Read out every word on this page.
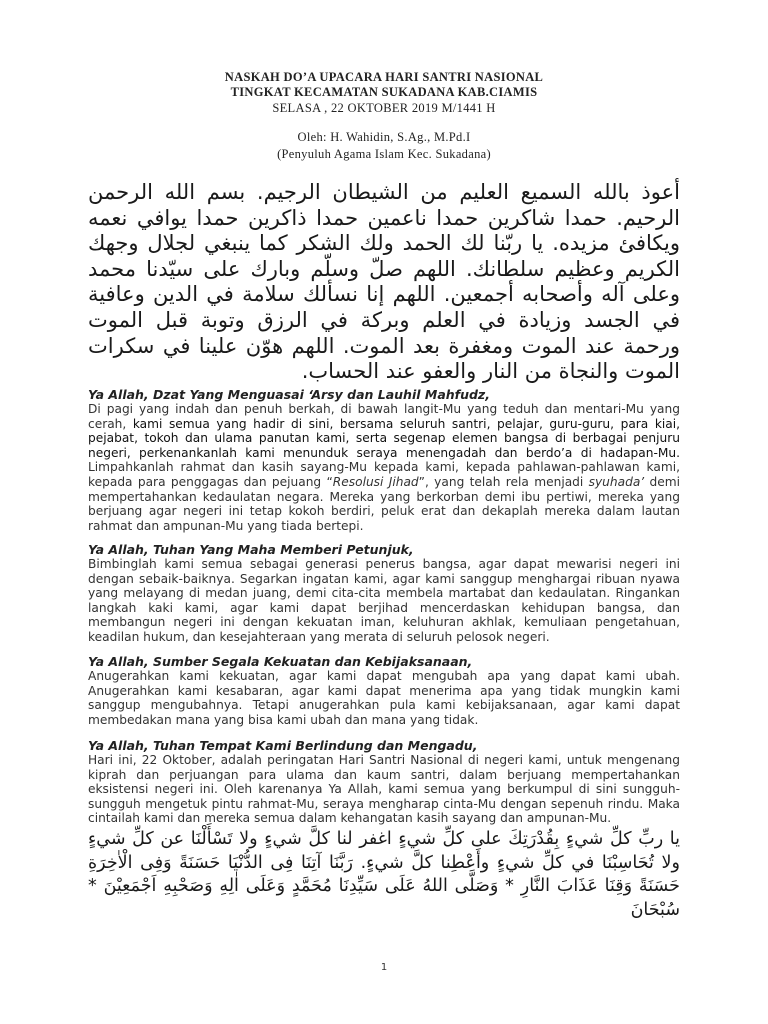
NASKAH DO’A UPACARA HARI SANTRI NASIONAL
TINGKAT KECAMATAN SUKADANA KAB.CIAMIS
SELASA , 22 OKTOBER 2019 M/1441 H
Oleh: H. Wahidin, S.Ag., M.Pd.I
(Penyuluh Agama Islam Kec. Sukadana)

أعوذ بالله السميع العليم من الشيطان الرجيم. بسم الله الرحمن الرحيم. حمدا شاكرين حمدا ناعمين حمدا ذاكرين حمدا يوافي نعمه ويكافئ مزيده. يا ربّنا لك الحمد ولك الشكر كما ينبغي لجلال وجهك الكريم وعظيم سلطانك. اللهم صلّ وسلّم وبارك على سيّدنا محمد وعلى آله وأصحابه أجمعين. اللهم إنا نسألك سلامة في الدين وعافية في الجسد وزيادة في العلم وبركة في الرزق وتوبة قبل الموت ورحمة عند الموت ومغفرة بعد الموت. اللهم هوّن علينا في سكرات الموت والنجاة من النار والعفو عند الحساب.

Ya Allah, Dzat Yang Menguasai ‘Arsy dan Lauhil Mahfudz,

Di pagi yang indah dan penuh berkah, di bawah langit-Mu yang teduh dan mentari-Mu yang cerah, kami semua yang hadir di sini, bersama seluruh santri, pelajar, guru-guru, para kiai, pejabat, tokoh dan ulama panutan kami, serta segenap elemen bangsa di berbagai penjuru negeri, perkenankanlah kami menunduk seraya menengadah dan berdo’a di hadapan-Mu. Limpahkanlah rahmat dan kasih sayang-Mu kepada kami, kepada pahlawan-pahlawan kami, kepada para penggagas dan pejuang “Resolusi Jihad”, yang telah rela menjadi syuhada’ demi mempertahankan kedaulatan negara. Mereka yang berkorban demi ibu pertiwi, mereka yang berjuang agar negeri ini tetap kokoh berdiri, peluk erat dan dekaplah mereka dalam lautan rahmat dan ampunan-Mu yang tiada bertepi.

Ya Allah, Tuhan Yang Maha Memberi Petunjuk,

Bimbinglah kami semua sebagai generasi penerus bangsa, agar dapat mewarisi negeri ini dengan sebaik-baiknya. Segarkan ingatan kami, agar kami sanggup menghargai ribuan nyawa yang melayang di medan juang, demi cita-cita membela martabat dan kedaulatan. Ringankan langkah kaki kami, agar kami dapat berjihad mencerdaskan kehidupan bangsa, dan membangun negeri ini dengan kekuatan iman, keluhuran akhlak, kemuliaan pengetahuan, keadilan hukum, dan kesejahteraan yang merata di seluruh pelosok negeri.

Ya Allah, Sumber Segala Kekuatan dan Kebijaksanaan,

Anugerahkan kami kekuatan, agar kami dapat mengubah apa yang dapat kami ubah. Anugerahkan kami kesabaran, agar kami dapat menerima apa yang tidak mungkin kami sanggup mengubahnya. Tetapi anugerahkan pula kami kebijaksanaan, agar kami dapat membedakan mana yang bisa kami ubah dan mana yang tidak.

Ya Allah, Tuhan Tempat Kami Berlindung dan Mengadu,

Hari ini, 22 Oktober, adalah peringatan Hari Santri Nasional di negeri kami, untuk mengenang kiprah dan perjuangan para ulama dan kaum santri, dalam berjuang mempertahankan eksistensi negeri ini. Oleh karenanya Ya Allah, kami semua yang berkumpul di sini sungguh-sungguh mengetuk pintu rahmat-Mu, seraya mengharap cinta-Mu dengan sepenuh rindu. Maka cintailah kami dan mereka semua dalam kehangatan kasih sayang dan ampunan-Mu.

يا ربِّ كلِّ شيءٍ بِقُدْرَتِكَ على كلِّ شيءٍ اغفر لنا كلَّ شيءٍ ولا تَسْأَلْنَا عن كلِّ شيءٍ ولا تُحَاسِبْنَا في كلِّ شيءٍ وأَعْطِنا كلَّ شيءٍ. رَبَّنَا آتِنَا فِى الدُّنْيَا حَسَنَةً وَفِى الْاٰخِرَةِ حَسَنَةً وَقِنَا عَذَابَ النَّارِ * وَصَلَّى اللهُ عَلَى سَيِّدِنَا مُحَمَّدٍ وَعَلَى اٰلِهِ وَصَحْبِهِ اَجْمَعِيْنَ * سُبْحَانَ

1
